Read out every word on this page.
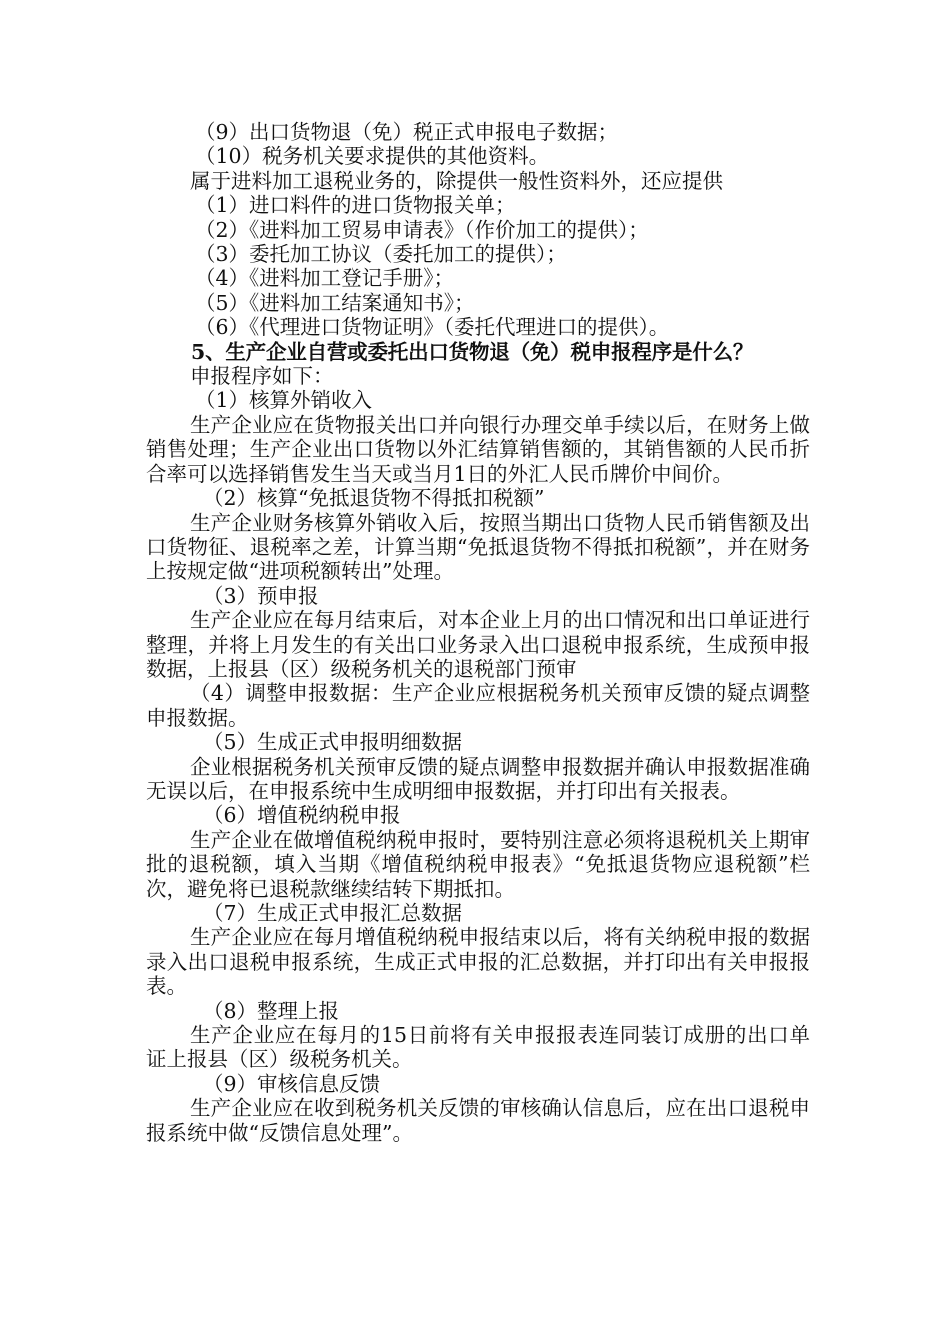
（9）出口货物退（免）税正式申报电子数据；

（10）税务机关要求提供的其他资料。

属于进料加工退税业务的，除提供一般性资料外，还应提供

（1）进口料件的进口货物报关单；

（2）《进料加工贸易申请表》（作价加工的提供）；

（3）委托加工协议（委托加工的提供）；

（4）《进料加工登记手册》；

（5）《进料加工结案通知书》；

（6）《代理进口货物证明》（委托代理进口的提供）。

5、生产企业自营或委托出口货物退（免）税申报程序是什么？

申报程序如下：

（1）核算外销收入

生产企业应在货物报关出口并向银行办理交单手续以后，在财务上做销售处理；生产企业出口货物以外汇结算销售额的，其销售额的人民币折合率可以选择销售发生当天或当月1日的外汇人民币牌价中间价。

（2）核算“免抵退货物不得抵扣税额”

生产企业财务核算外销收入后，按照当期出口货物人民币销售额及出口货物征、退税率之差，计算当期“免抵退货物不得抵扣税额”，并在财务上按规定做“进项税额转出”处理。

（3）预申报

生产企业应在每月结束后，对本企业上月的出口情况和出口单证进行整理，并将上月发生的有关出口业务录入出口退税申报系统，生成预申报数据，上报县（区）级税务机关的退税部门预审

（4）调整申报数据：生产企业应根据税务机关预审反馈的疑点调整申报数据。

（5）生成正式申报明细数据

企业根据税务机关预审反馈的疑点调整申报数据并确认申报数据准确无误以后，在申报系统中生成明细申报数据，并打印出有关报表。

（6）增值税纳税申报

生产企业在做增值税纳税申报时，要特别注意必须将退税机关上期审批的退税额，填入当期《增值税纳税申报表》“免抵退货物应退税额”栏次，避免将已退税款继续结转下期抵扣。

（7）生成正式申报汇总数据

生产企业应在每月增值税纳税申报结束以后，将有关纳税申报的数据录入出口退税申报系统，生成正式申报的汇总数据，并打印出有关申报报表。

（8）整理上报

生产企业应在每月的15日前将有关申报报表连同装订成册的出口单证上报县（区）级税务机关。

（9）审核信息反馈

生产企业应在收到税务机关反馈的审核确认信息后，应在出口退税申报系统中做“反馈信息处理”。
